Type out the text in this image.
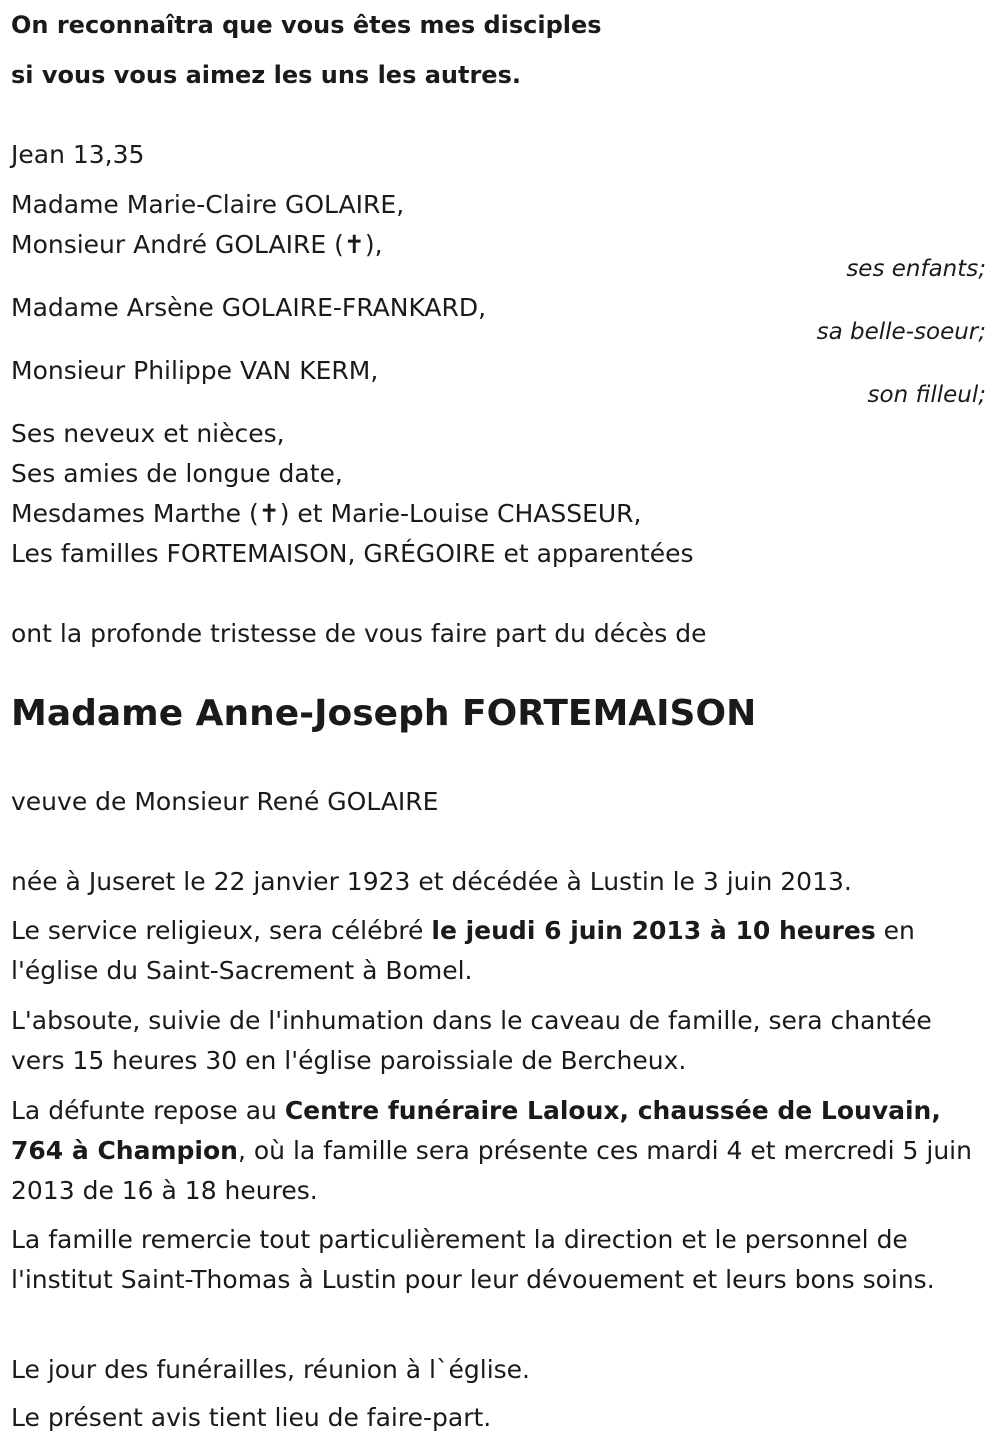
On reconnaîtra que vous êtes mes disciples
si vous vous aimez les uns les autres.
Jean 13,35
Madame Marie-Claire GOLAIRE,
Monsieur André GOLAIRE (✝),
ses enfants;
Madame Arsène GOLAIRE-FRANKARD,
sa belle-soeur;
Monsieur Philippe VAN KERM,
son filleul;
Ses neveux et nièces,
Ses amies de longue date,
Mesdames Marthe (✝) et Marie-Louise CHASSEUR,
Les familles FORTEMAISON, GRÉGOIRE et apparentées
ont la profonde tristesse de vous faire part du décès de
Madame Anne-Joseph FORTEMAISON
veuve de Monsieur René GOLAIRE
née à Juseret le 22 janvier 1923 et décédée à Lustin le 3 juin 2013.
Le service religieux, sera célébré le jeudi 6 juin 2013 à 10 heures en l'église du Saint-Sacrement à Bomel.
L'absoute, suivie de l'inhumation dans le caveau de famille, sera chantée vers 15 heures 30 en l'église paroissiale de Bercheux.
La défunte repose au Centre funéraire Laloux, chaussée de Louvain, 764 à Champion, où la famille sera présente ces mardi 4 et mercredi 5 juin 2013 de 16 à 18 heures.
La famille remercie tout particulièrement la direction et le personnel de l'institut Saint-Thomas à Lustin pour leur dévouement et leurs bons soins.
Le jour des funérailles, réunion à l`église.
Le présent avis tient lieu de faire-part.
